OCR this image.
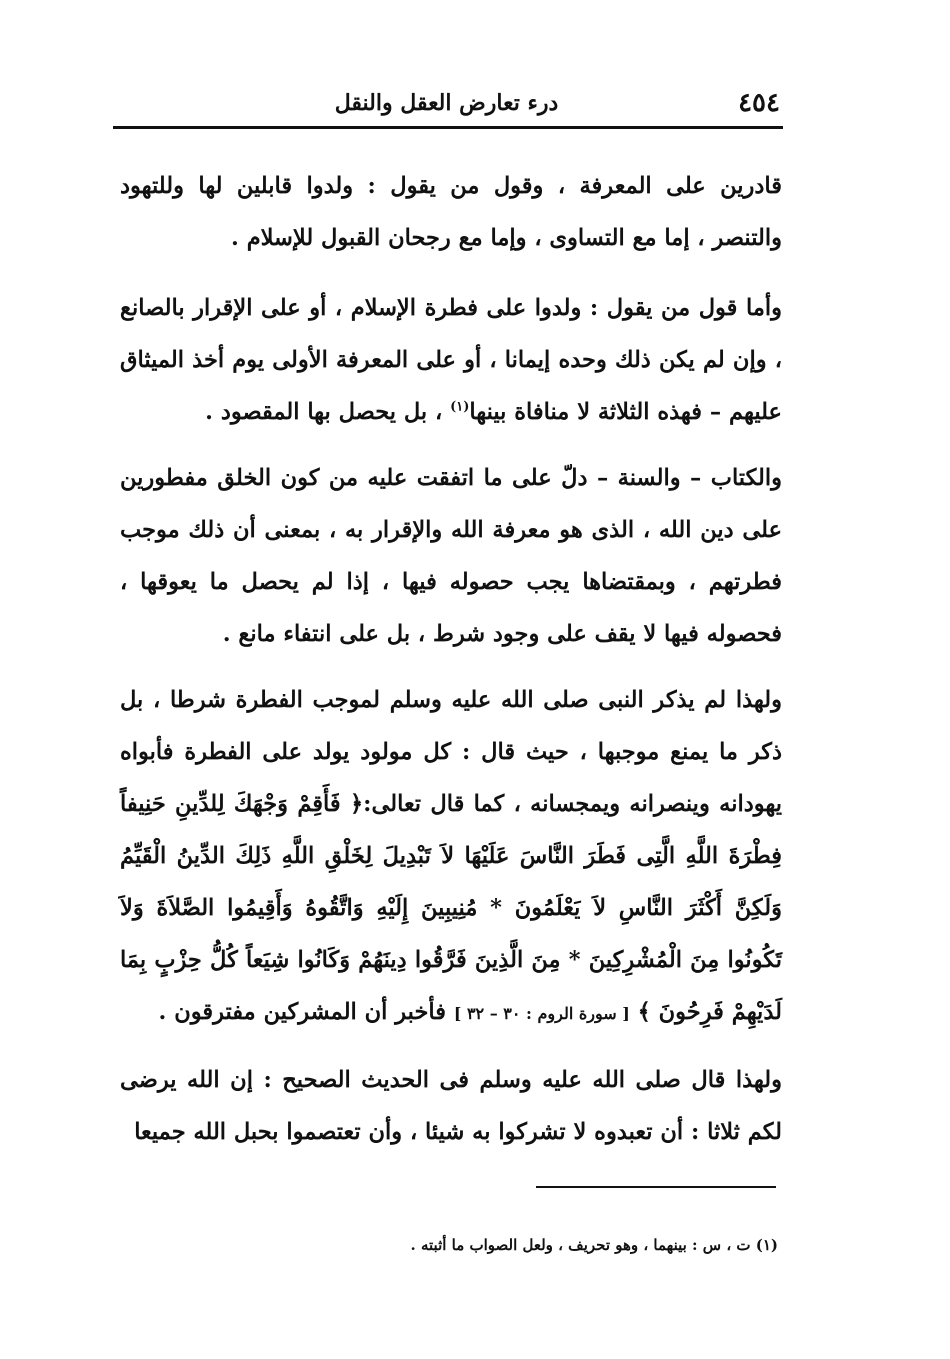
٤٥٤
درء تعارض العقل والنقل

قادرين على المعرفة ، وقول من يقول : ولدوا قابلين لها وللتهود والتنصر ، إما مع التساوى ، وإما مع رجحان القبول للإسلام .

وأما قول من يقول : ولدوا على فطرة الإسلام ، أو على الإقرار بالصانع ، وإن لم يكن ذلك وحده إيمانا ، أو على المعرفة الأولى يوم أخذ الميثاق عليهم – فهذه الثلاثة لا منافاة بينها$^{(١)}$ ، بل يحصل بها المقصود .

والكتاب – والسنة – دلّ على ما اتفقت عليه من كون الخلق مفطورين على دين الله ، الذى هو معرفة الله والإقرار به ، بمعنى أن ذلك موجب فطرتهم ، وبمقتضاها يجب حصوله فيها ، إذا لم يحصل ما يعوقها ، فحصوله فيها لا يقف على وجود شرط ، بل على انتفاء مانع .

ولهذا لم يذكر النبى صلى الله عليه وسلم لموجب الفطرة شرطا ، بل ذكر ما يمنع موجبها ، حيث قال : كل مولود يولد على الفطرة فأبواه يهودانه وينصرانه ويمجسانه ، كما قال تعالى:﴿ فَأَقِمْ وَجْهَكَ لِلدِّينِ حَنِيفاً فِطْرَةَ اللَّهِ الَّتِى فَطَرَ النَّاسَ عَلَيْهَا لاَ تَبْدِيلَ لِخَلْقِ اللَّهِ ذَلِكَ الدِّينُ الْقَيِّمُ وَلَكِنَّ أَكْثَرَ النَّاسِ لاَ يَعْلَمُونَ * مُنِيبِينَ إِلَيْهِ وَاتَّقُوهُ وَأَقِيمُوا الصَّلاَةَ وَلاَ تَكُونُوا مِنَ الْمُشْرِكِينَ * مِنَ الَّذِينَ فَرَّقُوا دِينَهُمْ وَكَانُوا شِيَعاً كُلُّ حِزْبٍ بِمَا لَدَيْهِمْ فَرِحُونَ ﴾ [ سورة الروم : ٣٠ – ٣٢ ] فأخبر أن المشركين مفترقون .

ولهذا قال صلى الله عليه وسلم فى الحديث الصحيح : إن الله يرضى لكم ثلاثا : أن تعبدوه لا تشركوا به شيئا ، وأن تعتصموا بحبل الله جميعا

(١) ت ، س : بينهما ، وهو تحريف ، ولعل الصواب ما أثبته .
